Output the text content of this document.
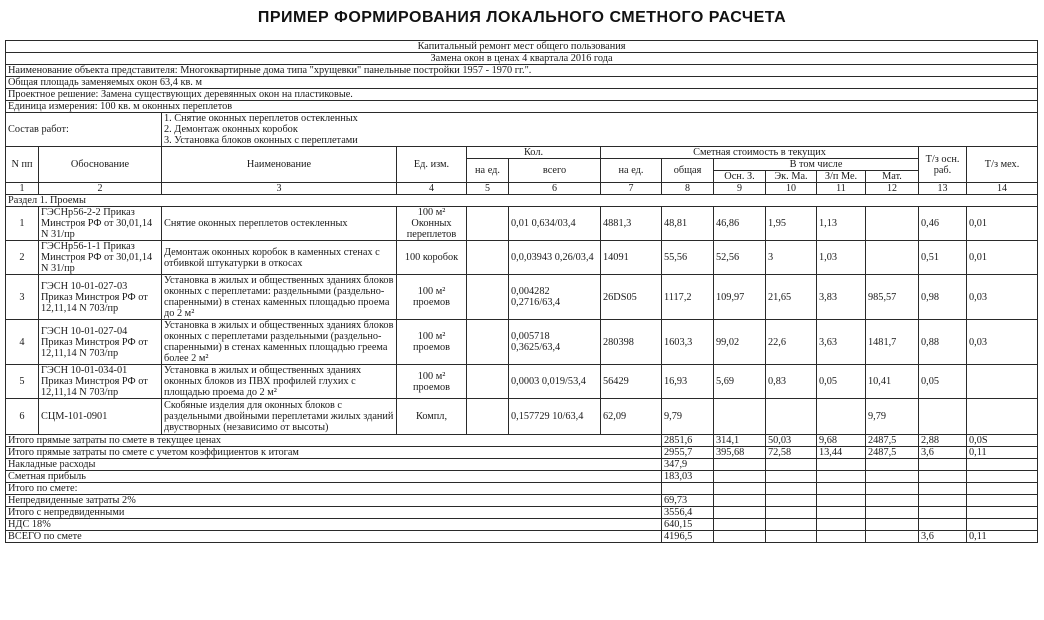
ПРИМЕР ФОРМИРОВАНИЯ ЛОКАЛЬНОГО СМЕТНОГО РАСЧЕТА
Капитальный ремонт мест общего пользования													
Замена окон в ценах 4 квартала 2016 года													
Наименование объекта представителя: Многоквартирные дома типа "хрущевки" панельные постройки 1957 - 1970 гг.".													
Общая площадь заменяемых окон 63,4 кв. м													
Проектное решение: Замена существующих деревянных окон на пластиковые.													
Единица измерения: 100 кв. м оконных переплетов													
Состав работ:		1. Снятие оконных переплетов остекленных
2. Демонтаж оконных коробок
3. Установка блоков оконных с переплетами											

N пп	Обоснование	Наименование	Ед. изм.	Кол.		Сметная стоимость в текущих						Т/з осн. раб.	Т/з мех.
				на ед.	всего	на ед.	общая	В том числе					
								Осн. З.	Эк. Ма.	З/п Ме.	Мат.		
1	2	3	4	5	6	7	8	9	10	11	12	13	14
Раздел 1. Проемы													
1	ГЭСНр56-2-2 Приказ Минстроя РФ от 30,01,14 N 31/пр	Снятие оконных переплетов остекленных	100 м² Оконных переплетов		0,01 0,634/03,4	4881,3	48,81	46,86	1,95	1,13		0,46	0,01
2	ГЭСНр56-1-1 Приказ Минстроя РФ от 30,01,14 N 31/пр	Демонтаж оконных коробок в каменных стенах с отбивкой штукатурки в откосах	100 коробок		0,0,03943 0,26/03,4	14091	55,56	52,56	3	1,03		0,51	0,01
3	ГЭСН 10-01-027-03 Приказ Минстроя РФ от 12,11,14 N 703/пр	Установка в жилых и общественных зданиях блоков оконных с переплетами: раздельными (раздельно-спаренными) в стенах каменных площадью проема до 2 м²	100 м² проемов		0,004282 0,2716/63,4	26DS05	1117,2	109,97	21,65	3,83	985,57	0,98	0,03
4	ГЭСН 10-01-027-04 Приказ Минстроя РФ от 12,11,14 N 703/пр	Установка в жилых и общественных зданиях блоков оконных с переплетами раздельными (раздельно-спаренными) в стенах каменных площадью греема более 2 м²	100 м² проемов		0,005718 0,3625/63,4	280398	1603,3	99,02	22,6	3,63	1481,7	0,88	0,03
5	ГЭСН 10-01-034-01 Приказ Минстроя РФ от 12,11,14 N 703/пр	Установка в жилых и общественных зданиях оконных блоков из ПВХ профилей глухих с площадью проема до 2 м²	100 м² проемов		0,0003 0,019/53,4	56429	16,93	5,69	0,83	0,05	10,41	0,05	
6	СЦМ-101-0901	Скобяные изделия для оконных блоков с раздельными двойными переплетами жилых зданий двустворных (независимо от высоты)	Компл,		0,157729 10/63,4	62,09	9,79				9,79		
Итого прямые затраты по смете в текущее ценах							2851,6	314,1	50,03	9,68	2487,5	2,88	0,0S
Итого прямые затраты по смете с учетом коэффициентов к итогам							2955,7	395,68	72,58	13,44	2487,5	3,6	0,11
Накладные расходы							347,9						
Сметная прибыль							183,03						
Итого по смете:													
Непредвиденные затраты 2%							69,73						
Итого с непредвиденными							3556,4						
НДС 18%							640,15						
ВСЕГО по смете							4196,5					3,6	0,11
